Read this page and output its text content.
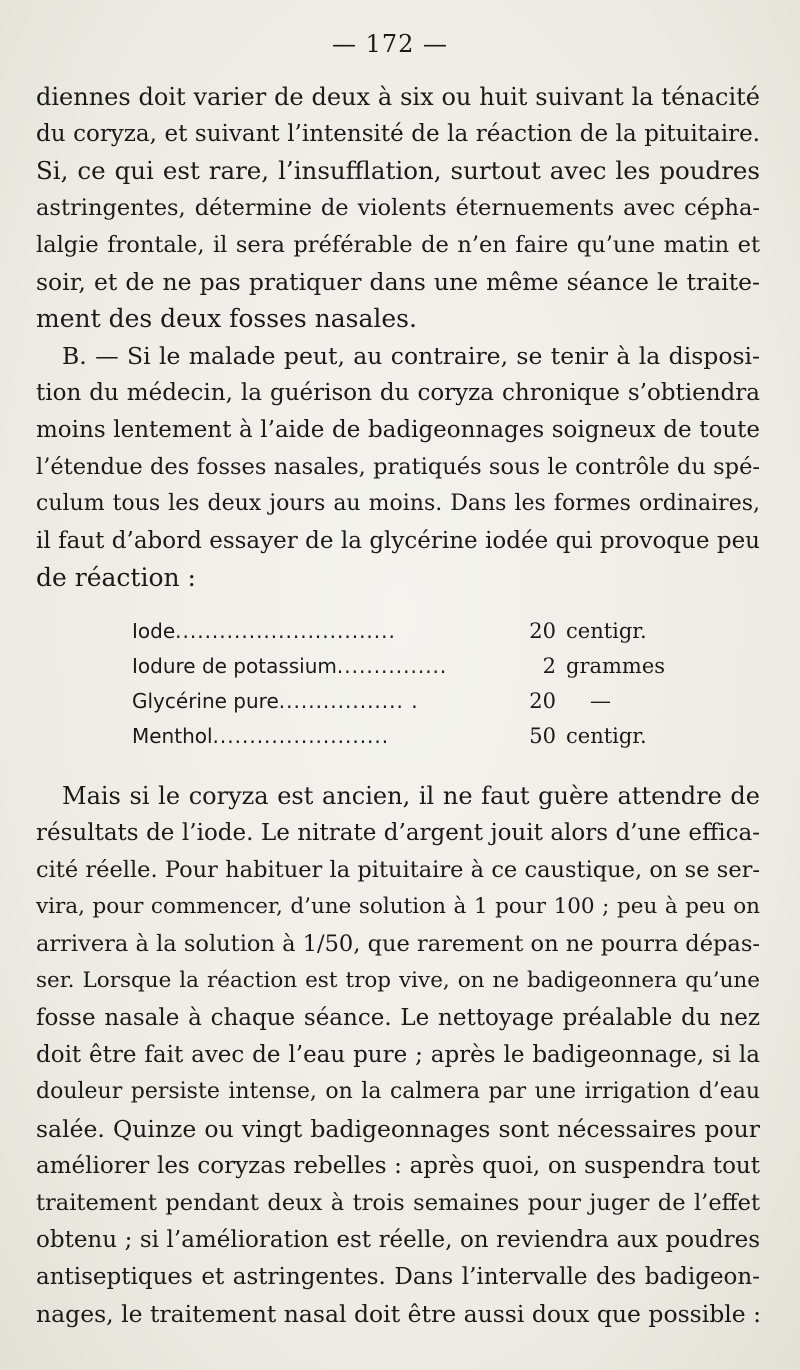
— 172 —
diennes doit varier de deux à six ou huit suivant la ténacité
du coryza, et suivant l’intensité de la réaction de la pituitaire.
Si, ce qui est rare, l’insufflation, surtout avec les poudres
astringentes, détermine de violents éternuements avec cépha-
lalgie frontale, il sera préférable de n’en faire qu’une matin et
soir, et de ne pas pratiquer dans une même séance le traite-
ment des deux fosses nasales.
B. — Si le malade peut, au contraire, se tenir à la disposi-
tion du médecin, la guérison du coryza chronique s’obtiendra
moins lentement à l’aide de badigeonnages soigneux de toute
l’étendue des fosses nasales, pratiqués sous le contrôle du spé-
culum tous les deux jours au moins. Dans les formes ordinaires,
il faut d’abord essayer de la glycérine iodée qui provoque peu
de réaction :
Iode..............................	20 centigr.
Iodure de potassium...............	2 grammes
Glycérine pure................. .	20 —
Menthol........................	50 centigr.
Mais si le coryza est ancien, il ne faut guère attendre de
résultats de l’iode. Le nitrate d’argent jouit alors d’une effica-
cité réelle. Pour habituer la pituitaire à ce caustique, on se ser-
vira, pour commencer, d’une solution à 1 pour 100 ; peu à peu on
arrivera à la solution à 1/50, que rarement on ne pourra dépas-
ser. Lorsque la réaction est trop vive, on ne badigeonnera qu’une
fosse nasale à chaque séance. Le nettoyage préalable du nez
doit être fait avec de l’eau pure ; après le badigeonnage, si la
douleur persiste intense, on la calmera par une irrigation d’eau
salée. Quinze ou vingt badigeonnages sont nécessaires pour
améliorer les coryzas rebelles : après quoi, on suspendra tout
traitement pendant deux à trois semaines pour juger de l’effet
obtenu ; si l’amélioration est réelle, on reviendra aux poudres
antiseptiques et astringentes. Dans l’intervalle des badigeon-
nages, le traitement nasal doit être aussi doux que possible :
